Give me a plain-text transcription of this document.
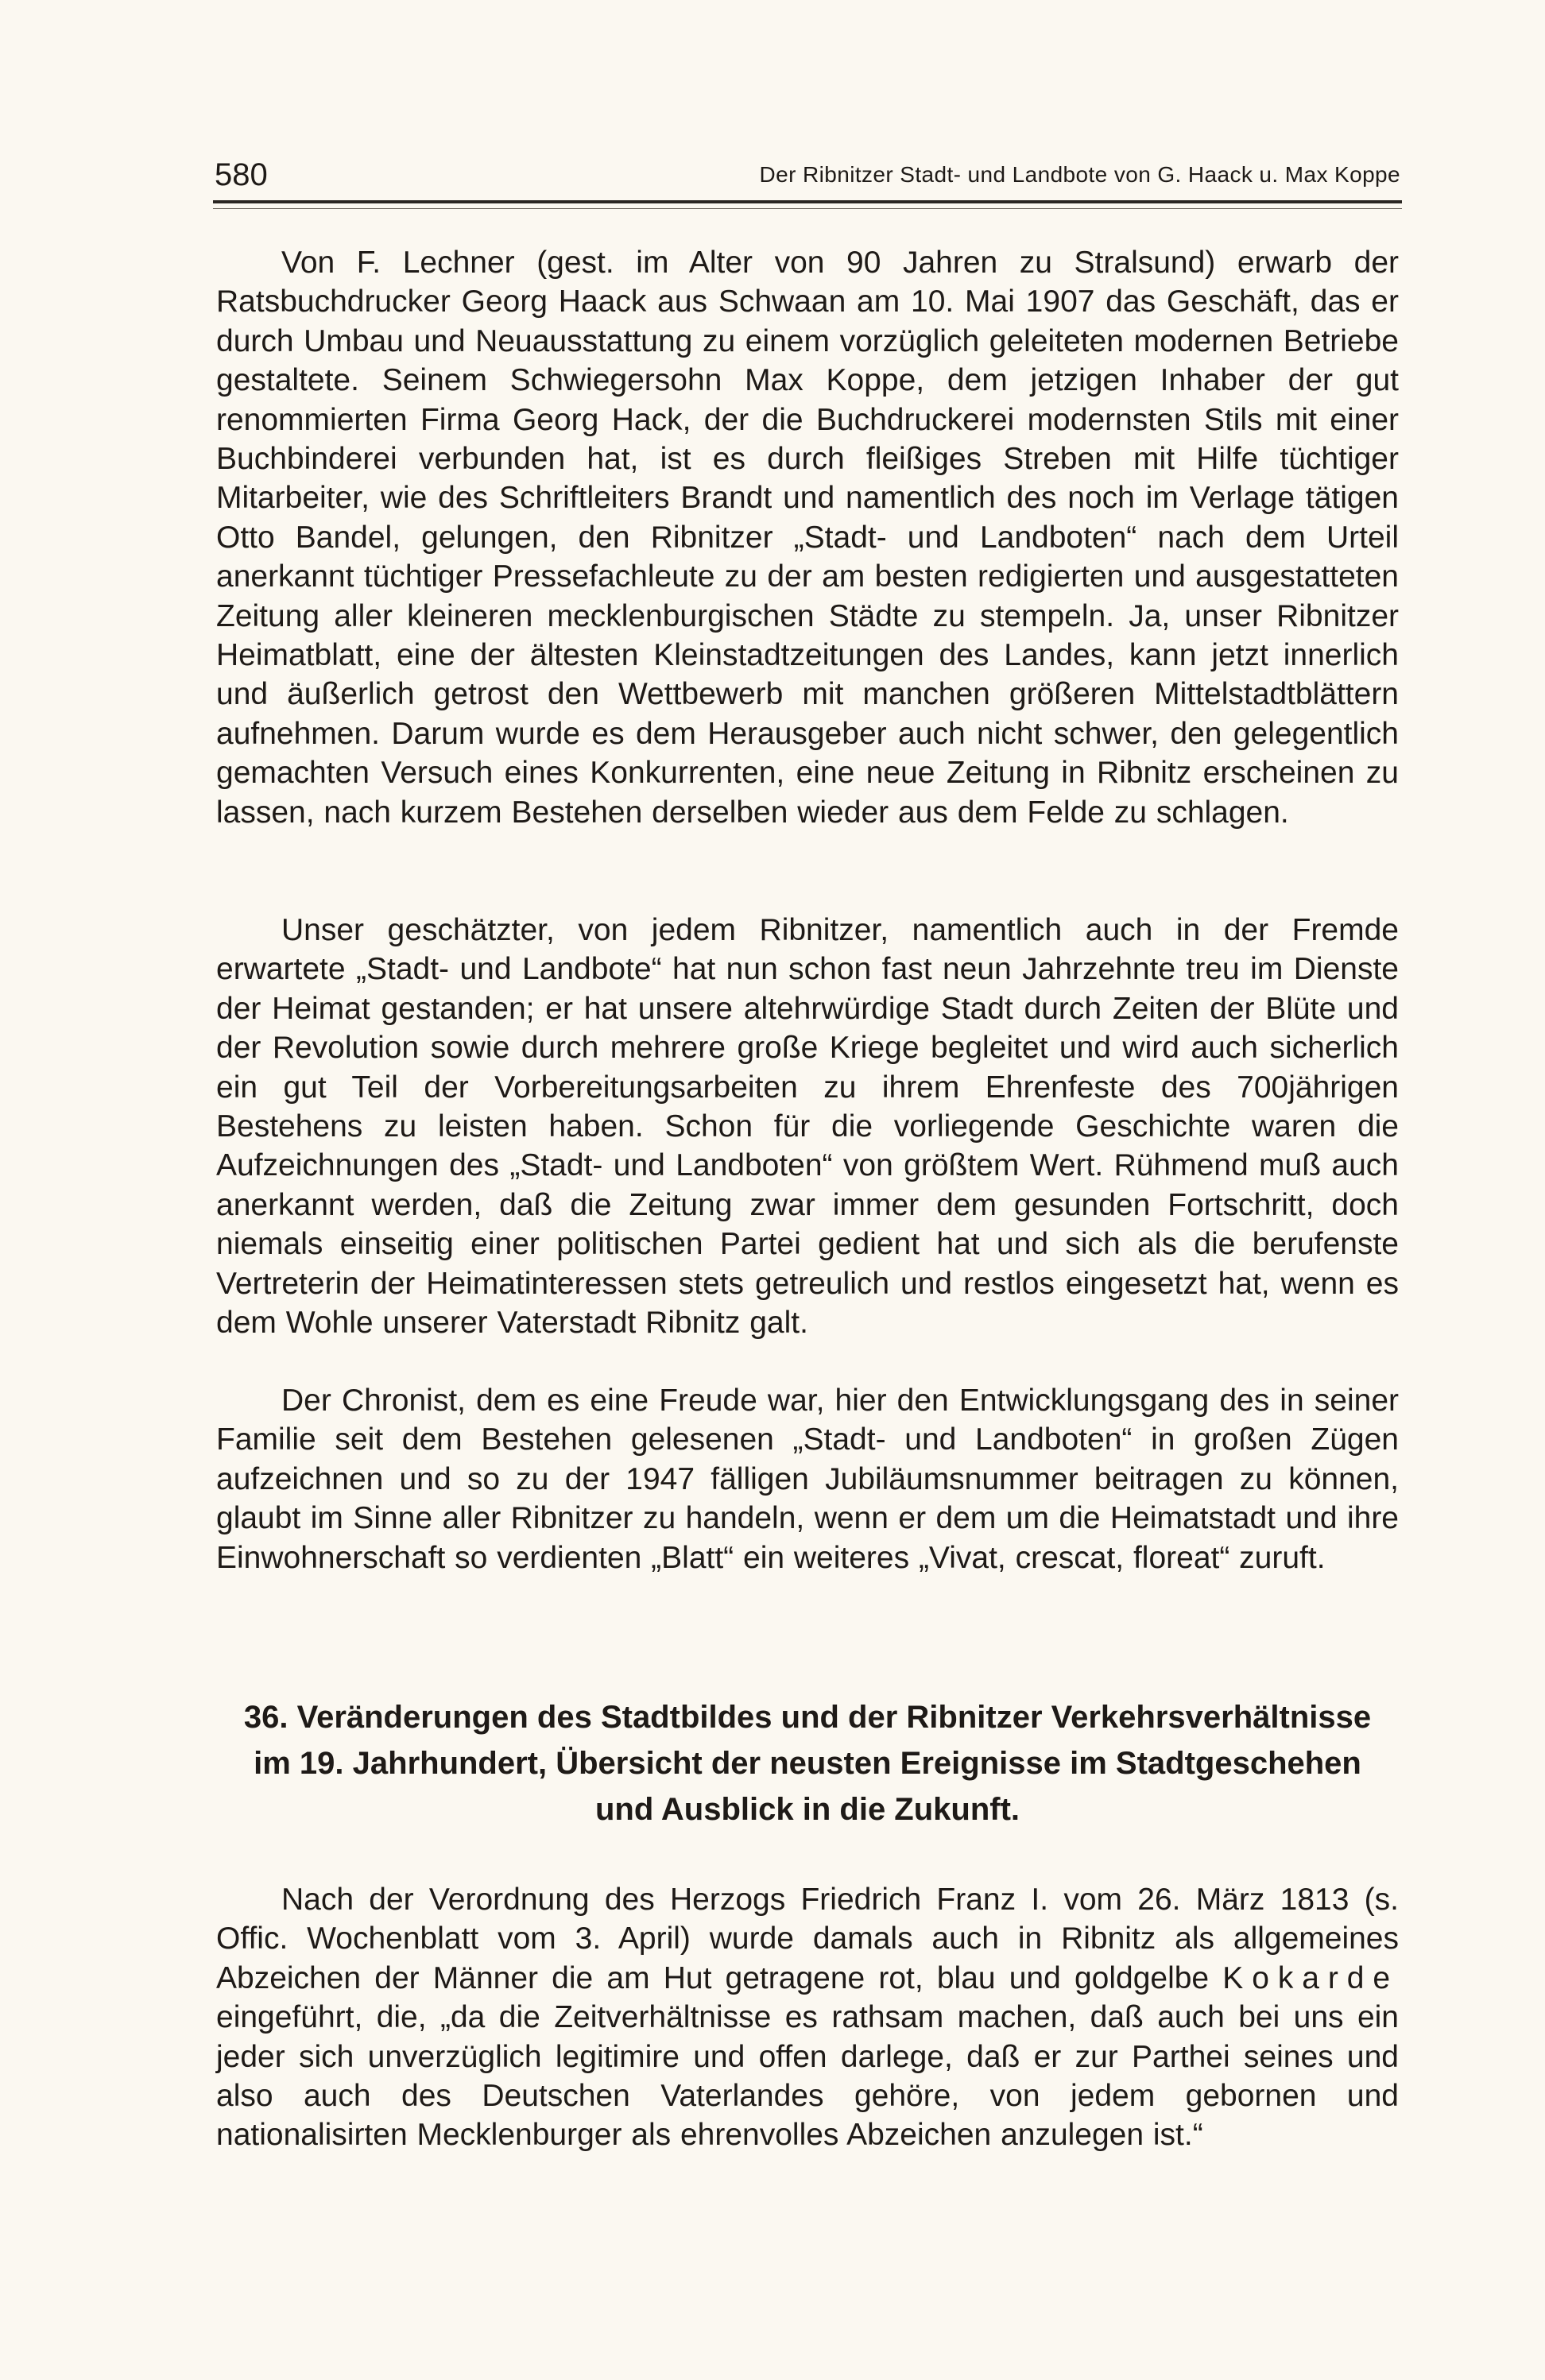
580	Der Ribnitzer Stadt- und Landbote von G. Haack u. Max Koppe

Von F. Lechner (gest. im Alter von 90 Jahren zu Stralsund) erwarb der Ratsbuchdrucker Georg Haack aus Schwaan am 10. Mai 1907 das Geschäft, das er durch Umbau und Neuausstattung zu einem vorzüglich geleiteten modernen Betriebe gestaltete. Seinem Schwiegersohn Max Koppe, dem jetzigen Inhaber der gut renommierten Firma Georg Hack, der die Buchdruckerei modernsten Stils mit einer Buchbinderei verbunden hat, ist es durch fleißiges Streben mit Hilfe tüchtiger Mitarbeiter, wie des Schriftleiters Brandt und namentlich des noch im Verlage tätigen Otto Bandel, gelungen, den Ribnitzer „Stadt- und Landboten“ nach dem Urteil anerkannt tüchtiger Pressefachleute zu der am besten redigierten und ausgestatteten Zeitung aller kleineren mecklenburgischen Städte zu stempeln. Ja, unser Ribnitzer Heimatblatt, eine der ältesten Kleinstadtzeitungen des Landes, kann jetzt innerlich und äußerlich getrost den Wettbewerb mit manchen größeren Mittelstadtblättern aufnehmen. Darum wurde es dem Herausgeber auch nicht schwer, den gelegentlich gemachten Versuch eines Konkurrenten, eine neue Zeitung in Ribnitz erscheinen zu lassen, nach kurzem Bestehen derselben wieder aus dem Felde zu schlagen.

Unser geschätzter, von jedem Ribnitzer, namentlich auch in der Fremde erwartete „Stadt- und Landbote“ hat nun schon fast neun Jahrzehnte treu im Dienste der Heimat gestanden; er hat unsere altehrwürdige Stadt durch Zeiten der Blüte und der Revolution sowie durch mehrere große Kriege begleitet und wird auch sicherlich ein gut Teil der Vorbereitungsarbeiten zu ihrem Ehrenfeste des 700jährigen Bestehens zu leisten haben. Schon für die vorliegende Geschichte waren die Aufzeichnungen des „Stadt- und Landboten“ von größtem Wert. Rühmend muß auch anerkannt werden, daß die Zeitung zwar immer dem gesunden Fortschritt, doch niemals einseitig einer politischen Partei gedient hat und sich als die berufenste Vertreterin der Heimatinteressen stets getreulich und restlos eingesetzt hat, wenn es dem Wohle unserer Vaterstadt Ribnitz galt.

Der Chronist, dem es eine Freude war, hier den Entwicklungsgang des in seiner Familie seit dem Bestehen gelesenen „Stadt- und Landboten“ in großen Zügen aufzeichnen und so zu der 1947 fälligen Jubiläumsnummer beitragen zu können, glaubt im Sinne aller Ribnitzer zu handeln, wenn er dem um die Heimatstadt und ihre Einwohnerschaft so verdienten „Blatt“ ein weiteres „Vivat, crescat, floreat“ zuruft.

36. Veränderungen des Stadtbildes und der Ribnitzer Verkehrsverhältnisse
im 19. Jahrhundert, Übersicht der neusten Ereignisse im Stadtgeschehen
und Ausblick in die Zukunft.

Nach der Verordnung des Herzogs Friedrich Franz I. vom 26. März 1813 (s. Offic. Wochenblatt vom 3. April) wurde damals auch in Ribnitz als allgemeines Abzeichen der Männer die am Hut getragene rot, blau und goldgelbe Kokarde eingeführt, die, „da die Zeitverhältnisse es rathsam machen, daß auch bei uns ein jeder sich unverzüglich legitimire und offen darlege, daß er zur Parthei seines und also auch des Deutschen Vaterlandes gehöre, von jedem gebornen und nationalisirten Mecklenburger als ehrenvolles Abzeichen anzulegen ist.“
